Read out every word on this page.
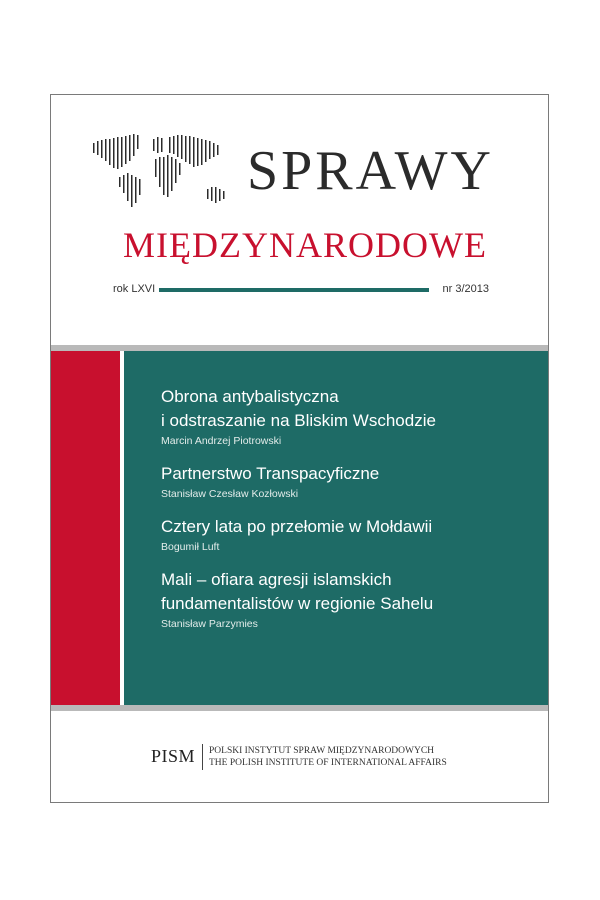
SPRAWY
MIĘDZYNARODOWE
rok LXVI	nr 3/2013

Obrona antybalistyczna
i odstraszanie na Bliskim Wschodzie

Marcin Andrzej Piotrowski

Partnerstwo Transpacyficzne

Stanisław Czesław Kozłowski

Cztery lata po przełomie w Mołdawii

Bogumił Luft

Mali – ofiara agresji islamskich
fundamentalistów w regionie Sahelu

Stanisław Parzymies

PISM POLSKI INSTYTUT SPRAW MIĘDZYNARODOWYCH
THE POLISH INSTITUTE OF INTERNATIONAL AFFAIRS
